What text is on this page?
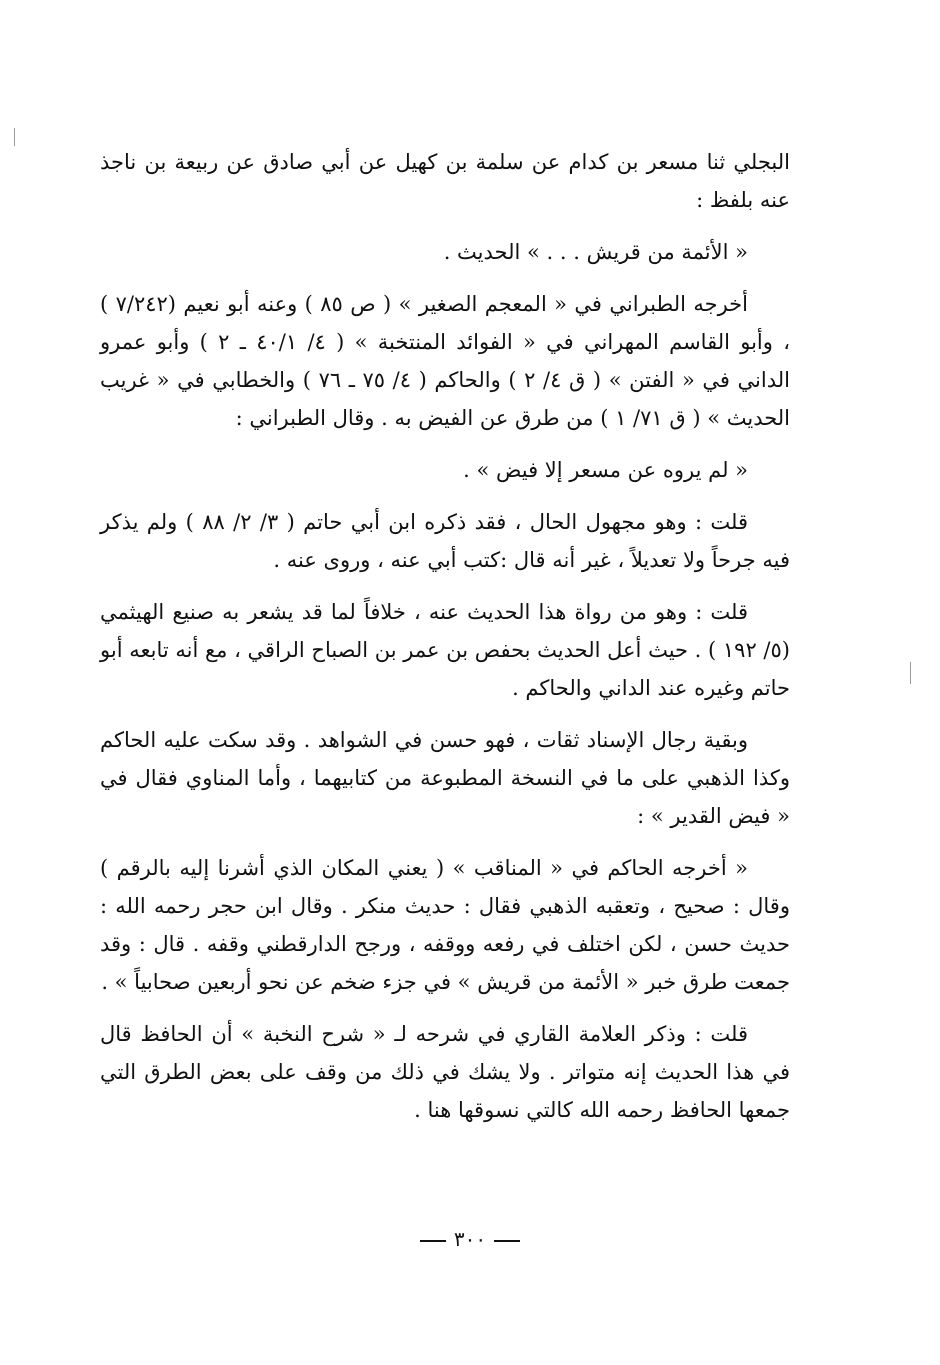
البجلي ثنا مسعر بن كدام عن سلمة بن كهيل عن أبي صادق عن ربيعة بن ناجذ عنه بلفظ :

« الأئمة من قريش . . . » الحديث .

أخرجه الطبراني في « المعجم الصغير » ( ص ٨٥ ) وعنه أبو نعيم (٧/٢٤٢ ) ، وأبو القاسم المهراني في « الفوائد المنتخبة » ( ٤/ ٤٠/١ ـ ٢ ) وأبو عمرو الداني في « الفتن » ( ق ٤/ ٢ ) والحاكم ( ٤/ ٧٥ ـ ٧٦ ) والخطابي في « غريب الحديث » ( ق ٧١/ ١ ) من طرق عن الفيض به . وقال الطبراني :

« لم يروه عن مسعر إلا فيض » .

قلت : وهو مجهول الحال ، فقد ذكره ابن أبي حاتم ( ٣/ ٢/ ٨٨ ) ولم يذكر فيه جرحاً ولا تعديلاً ، غير أنه قال :كتب أبي عنه ، وروى عنه .

قلت : وهو من رواة هذا الحديث عنه ، خلافاً لما قد يشعر به صنيع الهيثمي (٥/ ١٩٢ ) . حيث أعل الحديث بحفص بن عمر بن الصباح الراقي ، مع أنه تابعه أبو حاتم وغيره عند الداني والحاكم .

وبقية رجال الإسناد ثقات ، فهو حسن في الشواهد . وقد سكت عليه الحاكم وكذا الذهبي على ما في النسخة المطبوعة من كتابيهما ، وأما المناوي فقال في « فيض القدير » :

« أخرجه الحاكم في « المناقب » ( يعني المكان الذي أشرنا إليه بالرقم ) وقال : صحيح ، وتعقبه الذهبي فقال : حديث منكر . وقال ابن حجر رحمه الله : حديث حسن ، لكن اختلف في رفعه ووقفه ، ورجح الدارقطني وقفه . قال : وقد جمعت طرق خبر « الأئمة من قريش » في جزء ضخم عن نحو أربعين صحابياً » .

قلت : وذكر العلامة القاري في شرحه لـ « شرح النخبة » أن الحافظ قال في هذا الحديث إنه متواتر . ولا يشك في ذلك من وقف على بعض الطرق التي جمعها الحافظ رحمه الله كالتي نسوقها هنا .

٣٠٠
